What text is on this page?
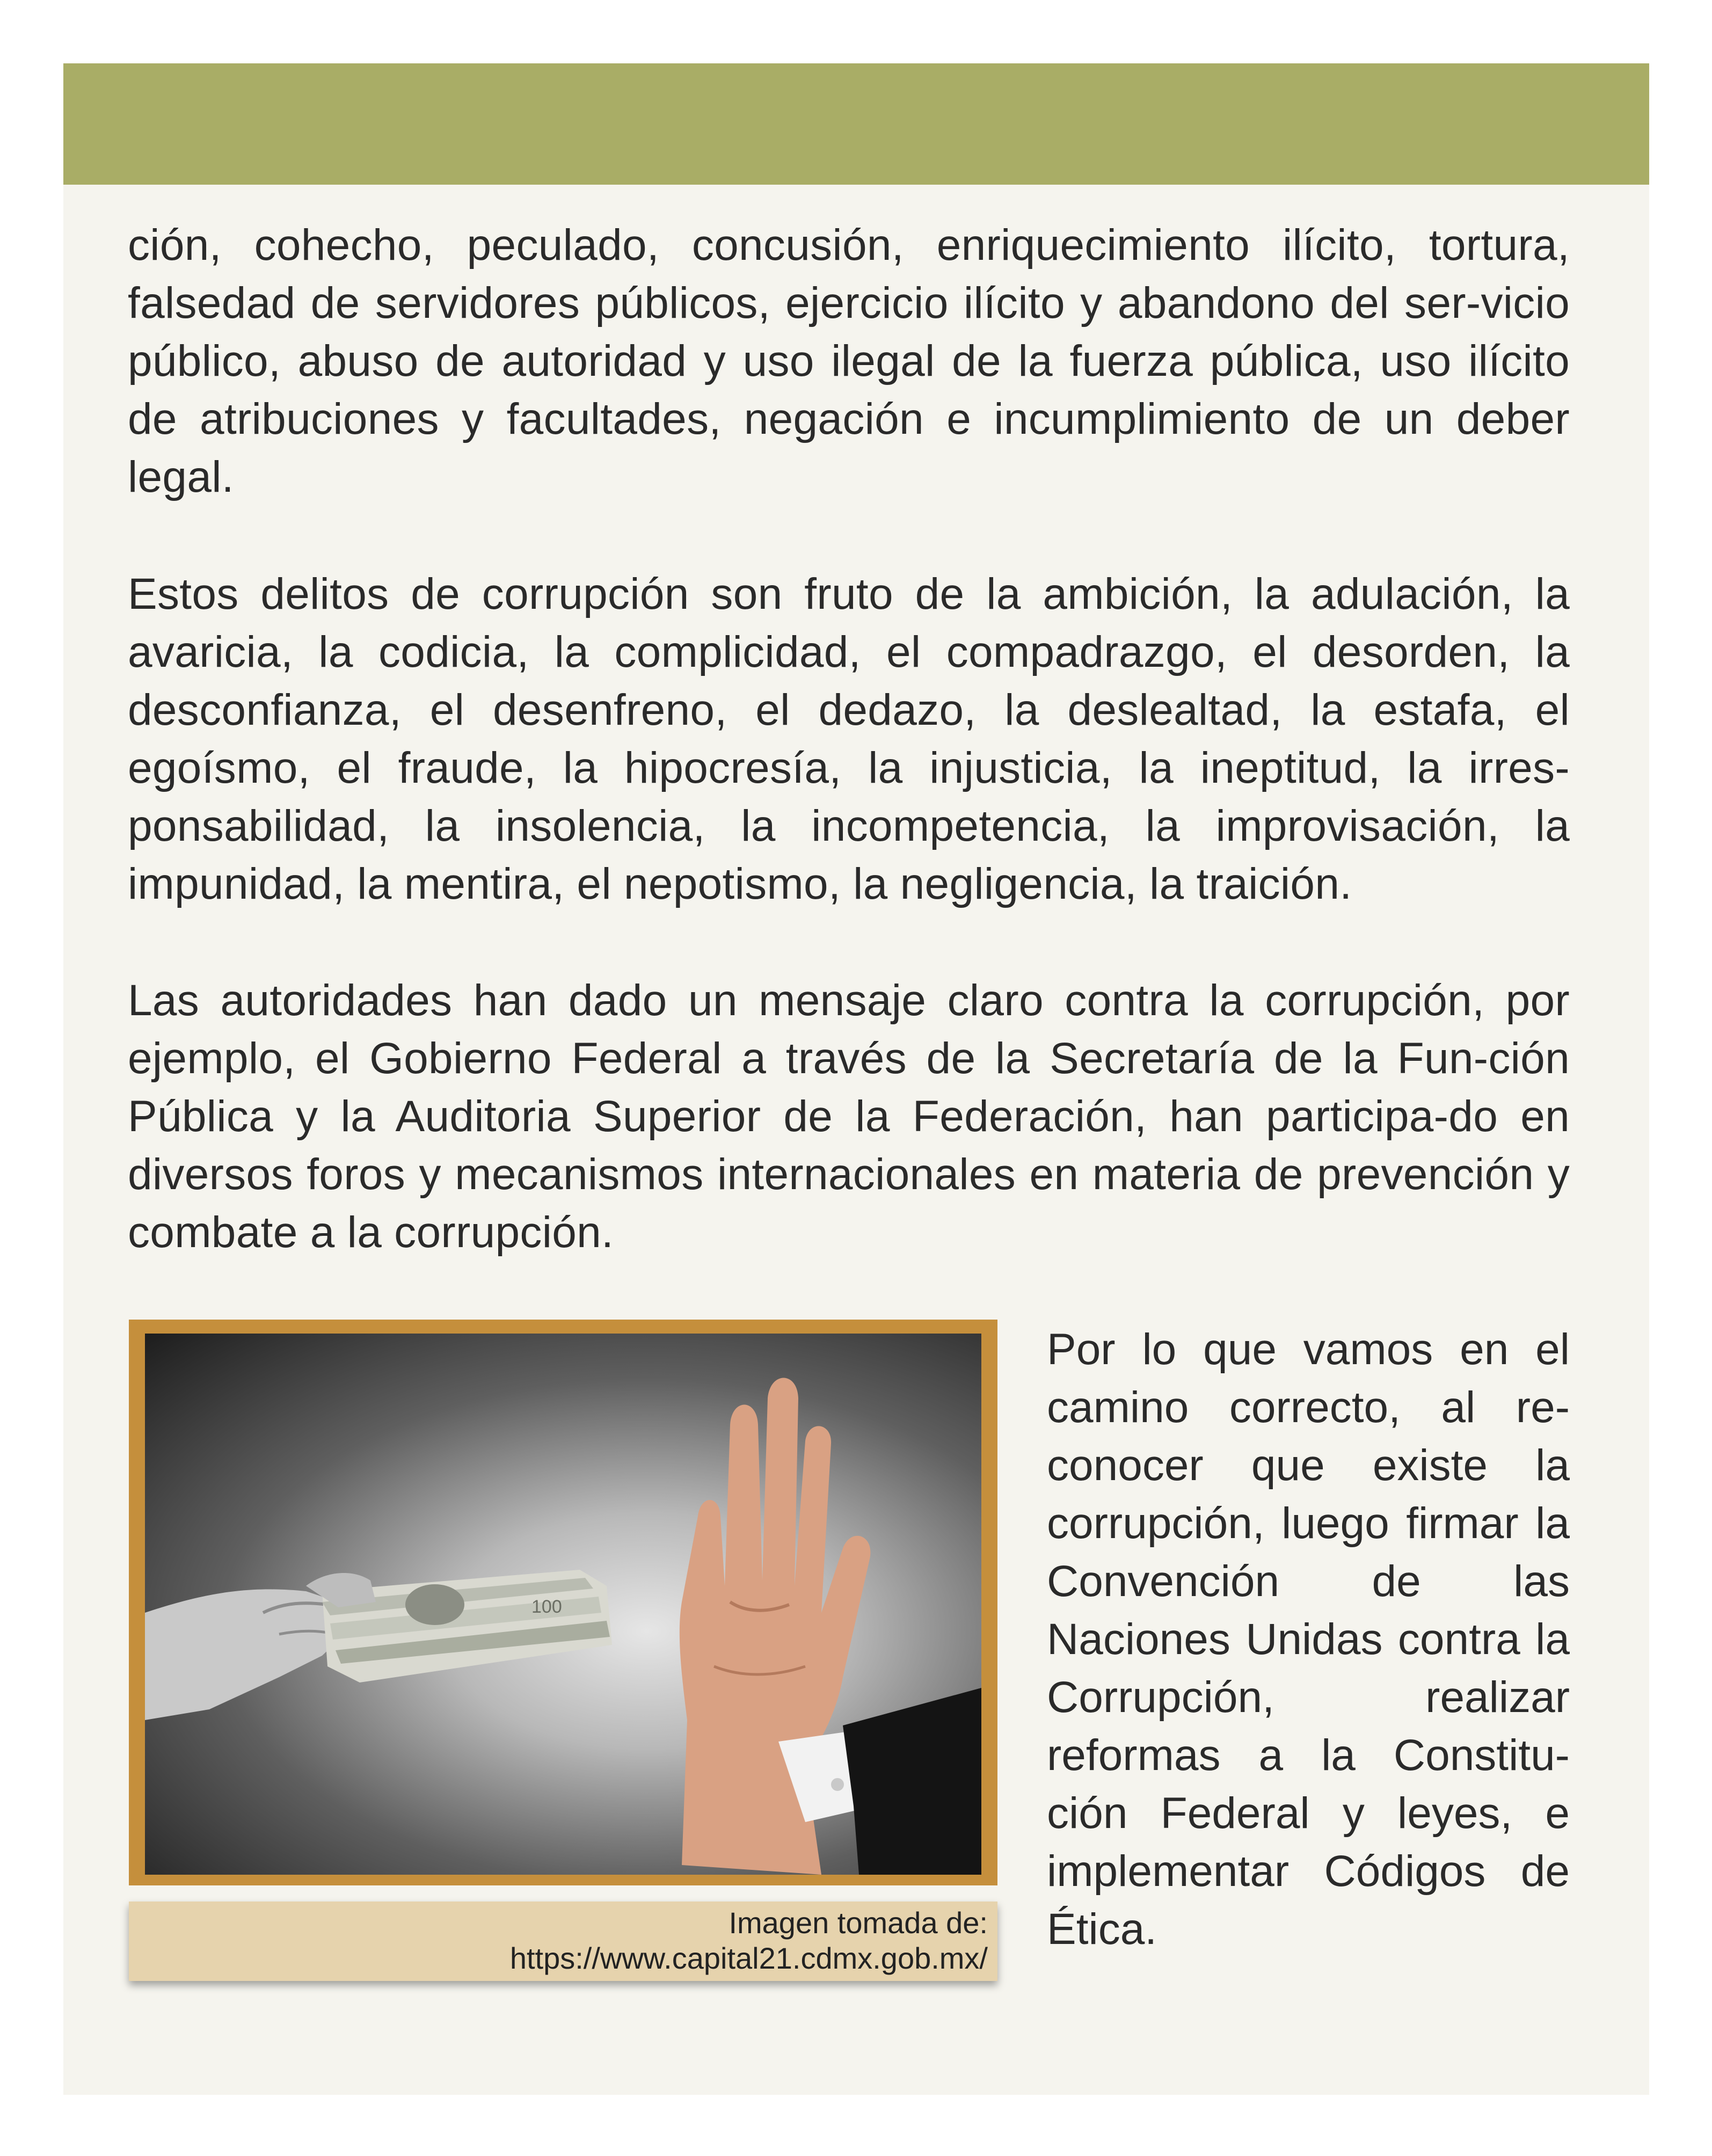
ción, cohecho, peculado, concusión, enriquecimiento ilícito, tortura, falsedad de servidores públicos, ejercicio ilícito y abandono del ser-vicio público, abuso de autoridad y uso ilegal de la fuerza pública, uso ilícito de atribuciones y facultades, negación e incumplimiento de un deber legal.

Estos delitos de corrupción son fruto de la ambición, la adulación, la avaricia, la codicia, la complicidad, el compadrazgo, el desorden, la desconfianza, el desenfreno, el dedazo, la deslealtad, la estafa, el egoísmo, el fraude, la hipocresía, la injusticia, la ineptitud, la irres-ponsabilidad, la insolencia, la incompetencia, la improvisación, la impunidad, la mentira, el nepotismo, la negligencia, la traición.

Las autoridades han dado un mensaje claro contra la corrupción, por ejemplo, el Gobierno Federal a través de la Secretaría de la Fun-ción Pública y la Auditoria Superior de la Federación, han participa-do en diversos foros y mecanismos internacionales en materia de prevención y combate a la corrupción.

100
Imagen tomada de:
https://www.capital21.cdmx.gob.mx/

Por lo que vamos en el camino correcto, al re-conocer que existe la corrupción, luego firmar la Convención de las Naciones Unidas contra la Corrupción, realizar reformas a la Constitu-ción Federal y leyes, e implementar Códigos de Ética.
